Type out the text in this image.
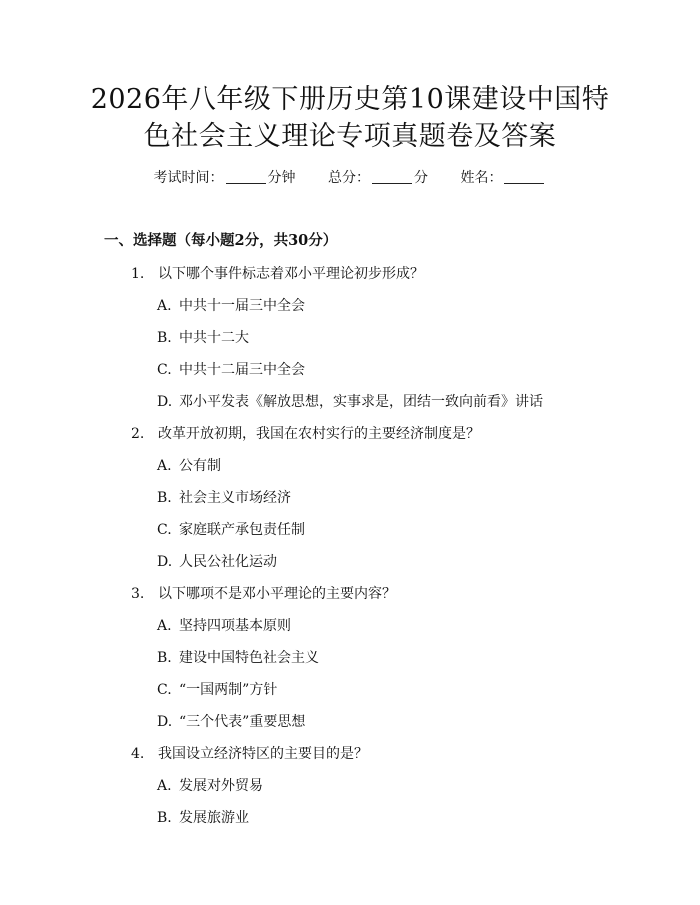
2026年八年级下册历史第10课建设中国特
色社会主义理论专项真题卷及答案
考试时间：	分钟 总分：	分 姓名：
一、选择题（每小题2分，共30分）
1. 以下哪个事件标志着邓小平理论初步形成？
A. 中共十一届三中全会
B. 中共十二大
C. 中共十二届三中全会
D. 邓小平发表《解放思想，实事求是，团结一致向前看》讲话
2. 改革开放初期，我国在农村实行的主要经济制度是？
A. 公有制
B. 社会主义市场经济
C. 家庭联产承包责任制
D. 人民公社化运动
3. 以下哪项不是邓小平理论的主要内容？
A. 坚持四项基本原则
B. 建设中国特色社会主义
C. “一国两制”方针
D. “三个代表”重要思想
4. 我国设立经济特区的主要目的是？
A. 发展对外贸易
B. 发展旅游业
